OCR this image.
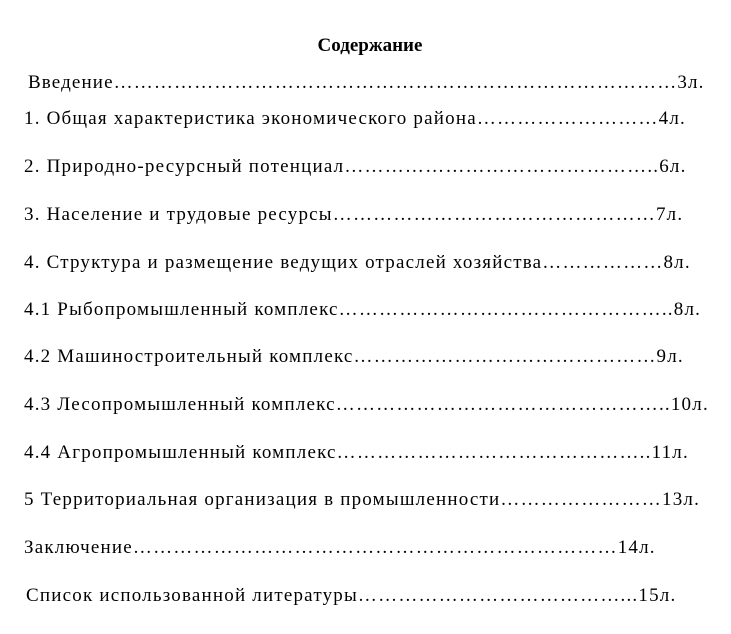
Содержание
Введение…………………………………………………………………………3л.
1. Общая характеристика экономического района………………………4л.
2. Природно-ресурсный потенциал………………………………………..6л.
3. Население и трудовые ресурсы…………………………………………7л.
4. Структура и размещение ведущих отраслей хозяйства………………8л.
4.1 Рыбопромышленный комплекс…………………………………………..8л.
4.2 Машиностроительный комплекс………………………………………9л.
4.3 Лесопромышленный комплекс…………………………………………..10л.
4.4 Агропромышленный комплекс………………………………………..11л.
5 Территориальная организация в промышленности……………………13л.
Заключение………………………………………………………………14л.
Список использованной литературы…………………………………...15л.
